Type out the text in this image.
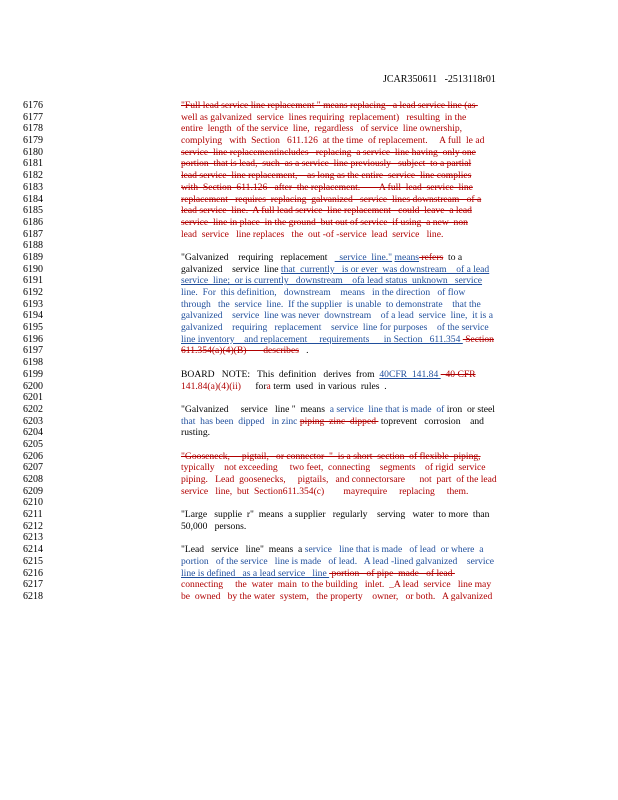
JCAR350611   -2513118r01
6176	"Full lead service line replacement " means replacing   a lead service line (as
6177	well as galvanized  service  lines requiring  replacement)   resulting  in the
6178	entire  length  of the service  line,  regardless   of service  line ownership,
6179	complying   with  Section   611.126  at the time  of replacement.     A full  le ad
6180	service  line replacementincludes   replacing  a service  line having  only one
6181	portion  that is lead,  such  as a service  line previously   subject  to a partial
6182	lead service  line replacement,    as long as the entire  service  line complies
6183	with  Section  611.126   after  the replacement.        A full  lead  service  line
6184	replacement   requires  replacing  galvanized   service  lines downstream   of a
6185	lead service  line.  A full lead service  line replacement   could  leave  a lead
6186	service  line in place  in the ground  but out of service  if using  a new  non
6187	lead  service   line replaces   the  out -of -service  lead  service   line.
6188
6189	"Galvanized    requiring   replacement     service  line." means refers  to a
6190	galvanized    service  line that  currently   is or ever  was downstream    of a lead
6191	service  line;  or is currently   downstream    ofa lead status  unknown   service
6192	line.  For  this definition,   downstream    means   in the direction   of flow
6193	through   the  service  line.  If the supplier  is unable  to demonstrate    that the
6194	galvanized    service  line was never  downstream    of a lead  service  line,  it is a
6195	galvanized    requiring   replacement    service  line for purposes    of the service
6196	line inventory    and replacement     requirements      in Section   611.354  Section
6197	611.354(a)(4)(B)       describes   .
6198
6199	BOARD   NOTE:   This  definition   derives  from  40CFR  141.84   40 CFR
6200	141.84(a)(4)(ii)      fora term  used  in various  rules  .
6201
6202	"Galvanized     service   line "  means  a service  line that is made  of iron  or steel
6203	that  has been  dipped   in zinc piping  zinc  dipped  toprevent   corrosion    and
6204	rusting.
6205
6206	"Gooseneck,     pigtail,   or connector  "  is a short  section  of flexible  piping,
6207	typically    not exceeding     two feet,  connecting    segments    of rigid  service
6208	piping.   Lead  goosenecks,     pigtails,   and connectorsare      not  part  of the lead
6209	service   line,  but  Section611.354(c)        mayrequire     replacing     them.
6210
6211	"Large   supplie  r"  means  a supplier   regularly    serving   water  to more  than
6212	50,000   persons.
6213
6214	"Lead   service   line"  means  a service   line that is made   of lead  or where  a
6215	portion   of the service   line is made   of lead.   A lead -lined galvanized    service
6216	line is defined   as a lead service   line  portion   of pipe  made   of lead
6217	connecting     the  water  main  to the building   inlet.  _A lead  service   line may
6218	be  owned   by the water  system,   the property    owner,   or both.   A galvanized
